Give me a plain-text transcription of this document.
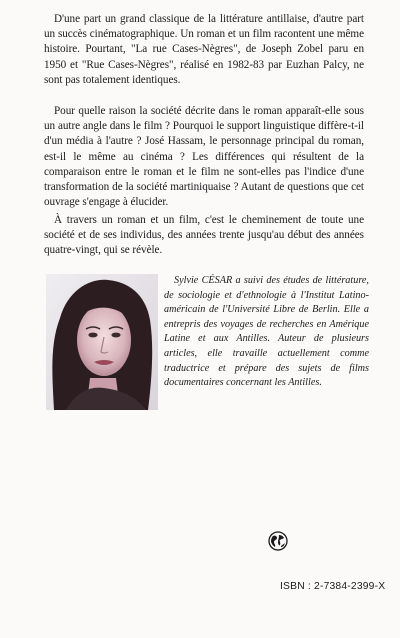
D'une part un grand classique de la littérature antillaise, d'autre part un succès cinématographique. Un roman et un film racontent une même histoire. Pourtant, "La rue Cases-Nègres", de Joseph Zobel paru en 1950 et "Rue Cases-Nègres", réalisé en 1982-83 par Euzhan Palcy, ne sont pas totalement identiques.

Pour quelle raison la société décrite dans le roman apparaît-elle sous un autre angle dans le film ? Pourquoi le support linguistique diffère-t-il d'un média à l'autre ? José Hassam, le personnage principal du roman, est-il le même au cinéma ? Les différences qui résultent de la comparaison entre le roman et le film ne sont-elles pas l'indice d'une transformation de la société martiniquaise ? Autant de questions que cet ouvrage s'engage à élucider.

À travers un roman et un film, c'est le cheminement de toute une société et de ses individus, des années trente jusqu'au début des années quatre-vingt, qui se révèle.

Sylvie CÉSAR a suivi des études de littérature, de sociologie et d'ethnologie à l'Institut Latino-américain de l'Université Libre de Berlin. Elle a entrepris des voyages de recherches en Amérique Latine et aux Antilles. Auteur de plusieurs articles, elle travaille actuellement comme traductrice et prépare des sujets de films documentaires concernant les Antilles.

ISBN : 2-7384-2399-X
